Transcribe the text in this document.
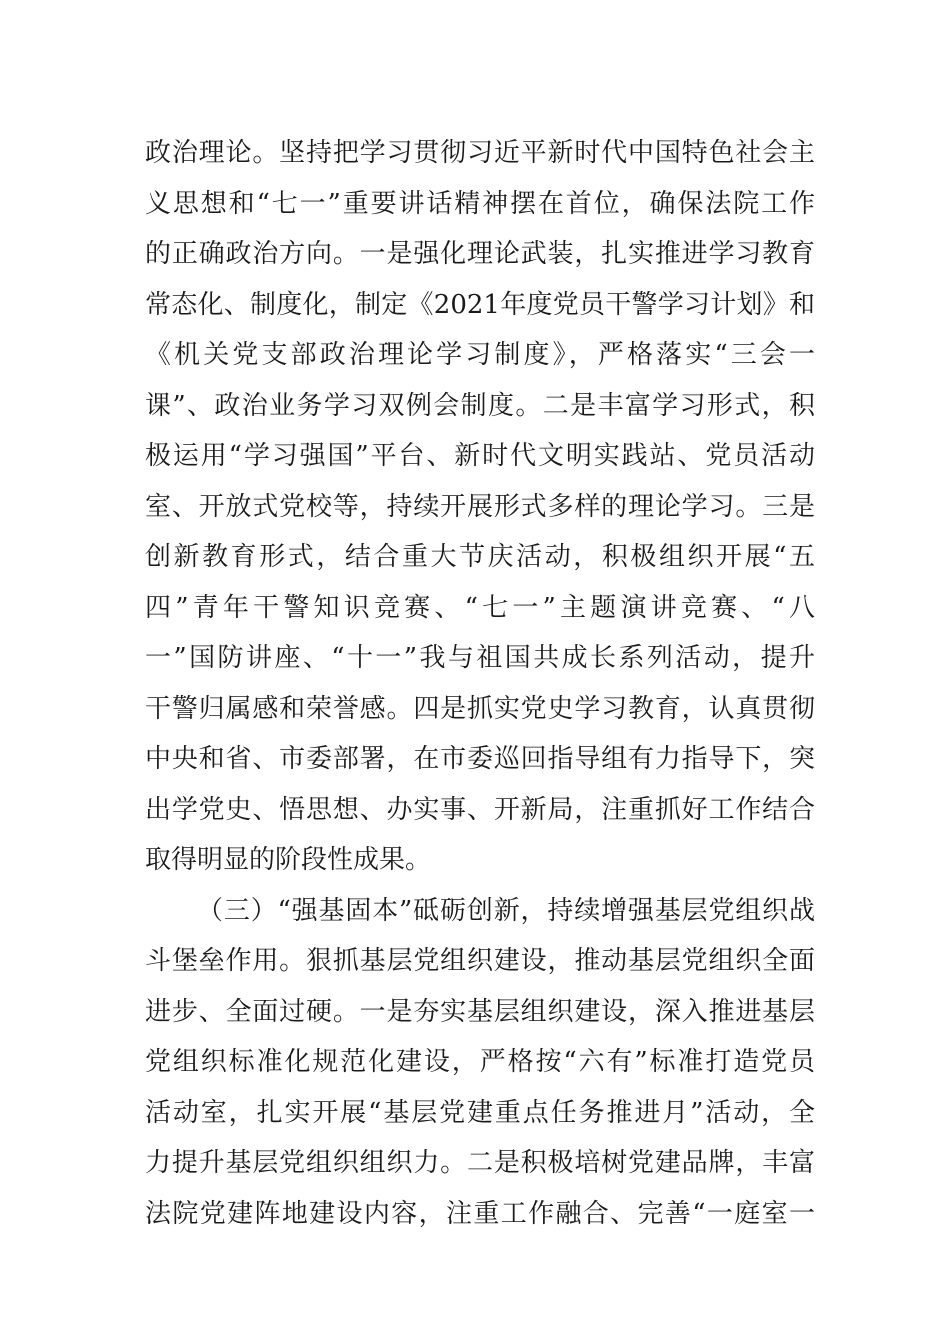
政治理论。坚持把学习贯彻习近平新时代中国特色社会主
义思想和“七一”重要讲话精神摆在首位，确保法院工作
的正确政治方向。一是强化理论武装，扎实推进学习教育
常态化、制度化，制定《2021年度党员干警学习计划》和
《机关党支部政治理论学习制度》，严格落实“三会一
课”、政治业务学习双例会制度。二是丰富学习形式，积
极运用“学习强国”平台、新时代文明实践站、党员活动
室、开放式党校等，持续开展形式多样的理论学习。三是
创新教育形式，结合重大节庆活动，积极组织开展“五
四”青年干警知识竞赛、“七一”主题演讲竞赛、“八
一”国防讲座、“十一”我与祖国共成长系列活动，提升
干警归属感和荣誉感。四是抓实党史学习教育，认真贯彻
中央和省、市委部署，在市委巡回指导组有力指导下，突
出学党史、悟思想、办实事、开新局，注重抓好工作结合
取得明显的阶段性成果。
（三）“强基固本”砥砺创新，持续增强基层党组织战
斗堡垒作用。狠抓基层党组织建设，推动基层党组织全面
进步、全面过硬。一是夯实基层组织建设，深入推进基层
党组织标准化规范化建设，严格按“六有”标准打造党员
活动室，扎实开展“基层党建重点任务推进月”活动，全
力提升基层党组织组织力。二是积极培树党建品牌，丰富
法院党建阵地建设内容，注重工作融合、完善“一庭室一
